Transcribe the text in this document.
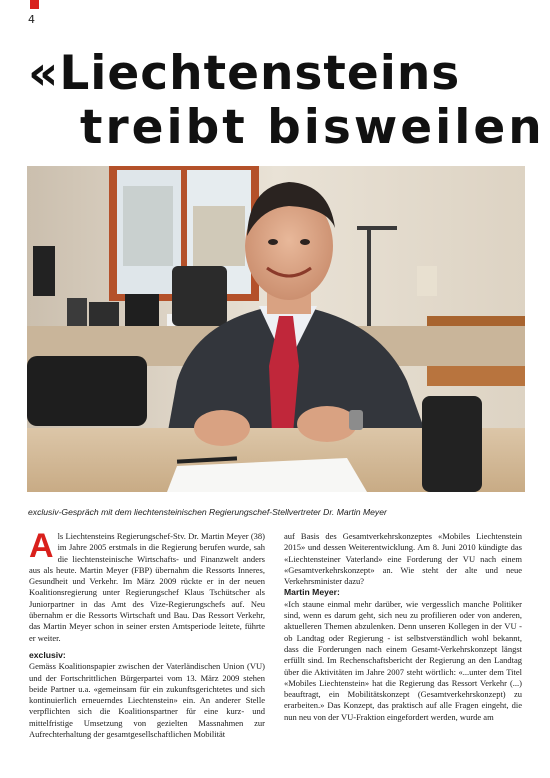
4
«Liechtensteins
treibt bisweilen
exclusiv-Gespräch mit dem liechtensteinischen Regierungschef-Stellvertreter Dr. Martin Meyer
A ls Liechtensteins Regierungschef-Stv. Dr. Martin Meyer (38) im Jahre 2005 erstmals in die Regierung berufen wurde, sah die liechtensteinische Wirtschafts- und Finanzwelt anders aus als heute. Martin Meyer (FBP) übernahm die Ressorts Inneres, Gesundheit und Verkehr. Im März 2009 rückte er in der neuen Koalitionsregierung unter Regierungschef Klaus Tschütscher als Juniorpartner in das Amt des Vize-Regierungschefs auf. Neu übernahm er die Ressorts Wirtschaft und Bau. Das Ressort Verkehr, das Martin Meyer schon in seiner ersten Amtsperiode leitete, führte er weiter.

exclusiv:

Gemäss Koalitionspapier zwischen der Vaterländischen Union (VU) und der Fortschrittlichen Bürgerpartei vom 13. März 2009 stehen beide Partner u.a. «gemeinsam für ein zukunftsgerichtetes und sich kontinuierlich erneuerndes Liechtenstein» ein. An anderer Stelle verpflichten sich die Koalitionspartner für eine kurz- und mittelfristige Umsetzung von gezielten Massnahmen zur Aufrechterhaltung der gesamtgesellschaftlichen Mobilität

auf Basis des Gesamtverkehrskonzeptes «Mobiles Liechtenstein 2015» und dessen Weiterentwicklung. Am 8. Juni 2010 kündigte das «Liechtensteiner Vaterland» eine Forderung der VU nach einem «Gesamtverkehrskonzept» an. Wie steht der alte und neue Verkehrsminister dazu?

Martin Meyer:

«Ich staune einmal mehr darüber, wie vergesslich manche Politiker sind, wenn es darum geht, sich neu zu profilieren oder von anderen, aktuelleren Themen abzulenken. Denn unseren Kollegen in der VU - ob Landtag oder Regierung - ist selbstverständlich wohl bekannt, dass die Forderungen nach einem Gesamt-Verkehrskonzept längst erfüllt sind. Im Rechenschaftsbericht der Regierung an den Landtag über die Aktivitäten im Jahre 2007 steht wörtlich: «...unter dem Titel «Mobiles Liechtenstein» hat die Regierung das Ressort Verkehr (...) beauftragt, ein Mobilitätskonzept (Gesamtverkehrskonzept) zu erarbeiten.» Das Konzept, das praktisch auf alle Fragen eingeht, die nun neu von der VU-Fraktion eingefordert werden, wurde am
